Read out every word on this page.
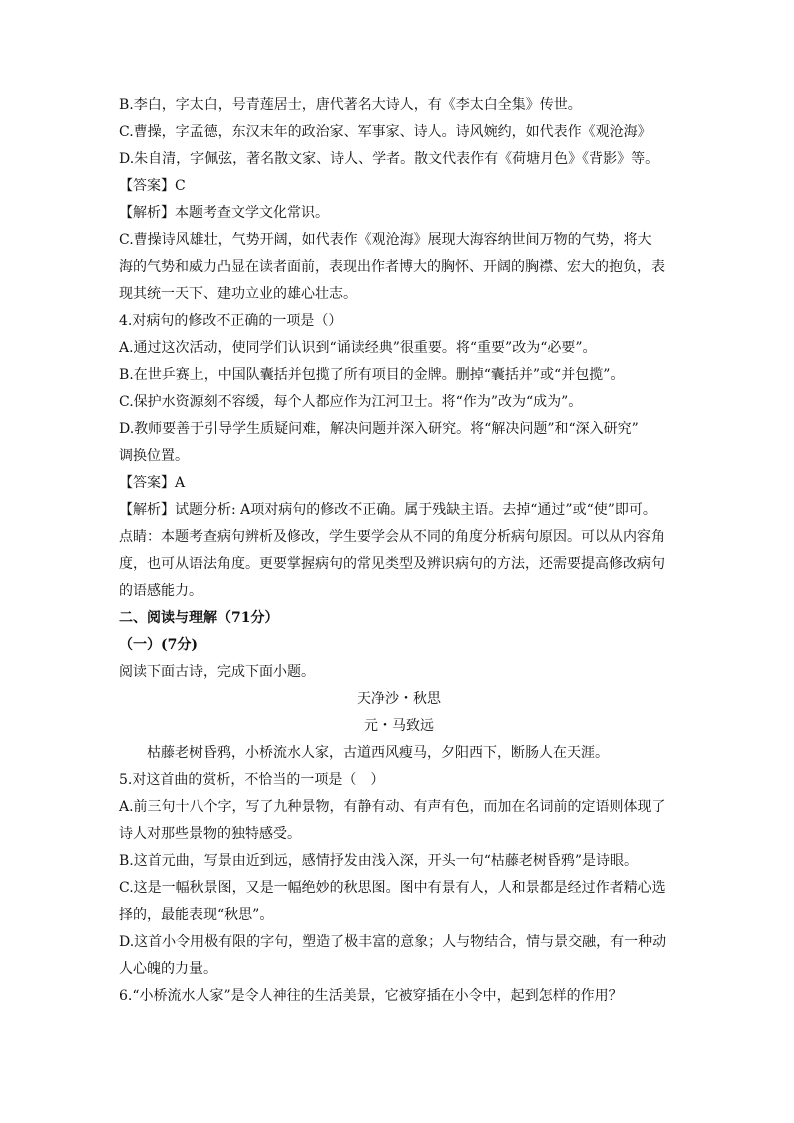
B.李白，字太白，号青莲居士，唐代著名大诗人，有《李太白全集》传世。
C.曹操，字孟德，东汉末年的政治家、军事家、诗人。诗风婉约，如代表作《观沧海》
D.朱自清，字佩弦，著名散文家、诗人、学者。散文代表作有《荷塘月色》《背影》等。
【答案】C
【解析】本题考查文学文化常识。
C.曹操诗风雄壮，气势开阔，如代表作《观沧海》展现大海容纳世间万物的气势，将大
海的气势和威力凸显在读者面前，表现出作者博大的胸怀、开阔的胸襟、宏大的抱负，表
现其统一天下、建功立业的雄心壮志。
4.对病句的修改不正确的一项是（）
A.通过这次活动，使同学们认识到“诵读经典”很重要。将“重要”改为“必要”。
B.在世乒赛上，中国队囊括并包揽了所有项目的金牌。删掉“囊括并”或“并包揽”。
C.保护水资源刻不容缓，每个人都应作为江河卫士。将“作为”改为“成为”。
D.教师要善于引导学生质疑问难，解决问题并深入研究。将“解决问题”和“深入研究”
调换位置。
【答案】A
【解析】试题分析: A项对病句的修改不正确。属于残缺主语。去掉“通过”或“使”即可。
点睛：本题考查病句辨析及修改，学生要学会从不同的角度分析病句原因。可以从内容角
度，也可从语法角度。更要掌握病句的常见类型及辨识病句的方法，还需要提高修改病句
的语感能力。
二、阅读与理解（71分）
（一）(7分)
阅读下面古诗，完成下面小题。
天净沙・秋思
元・马致远
枯藤老树昏鸦，小桥流水人家，古道西风瘦马，夕阳西下，断肠人在天涯。
5.对这首曲的赏析，不恰当的一项是（　）
A.前三句十八个字，写了九种景物，有静有动、有声有色，而加在名词前的定语则体现了
诗人对那些景物的独特感受。
B.这首元曲，写景由近到远，感情抒发由浅入深，开头一句“枯藤老树昏鸦”是诗眼。
C.这是一幅秋景图，又是一幅绝妙的秋思图。图中有景有人，人和景都是经过作者精心选
择的，最能表现“秋思”。
D.这首小令用极有限的字句，塑造了极丰富的意象；人与物结合，情与景交融，有一种动
人心魄的力量。
6.“小桥流水人家”是令人神往的生活美景，它被穿插在小令中，起到怎样的作用？
